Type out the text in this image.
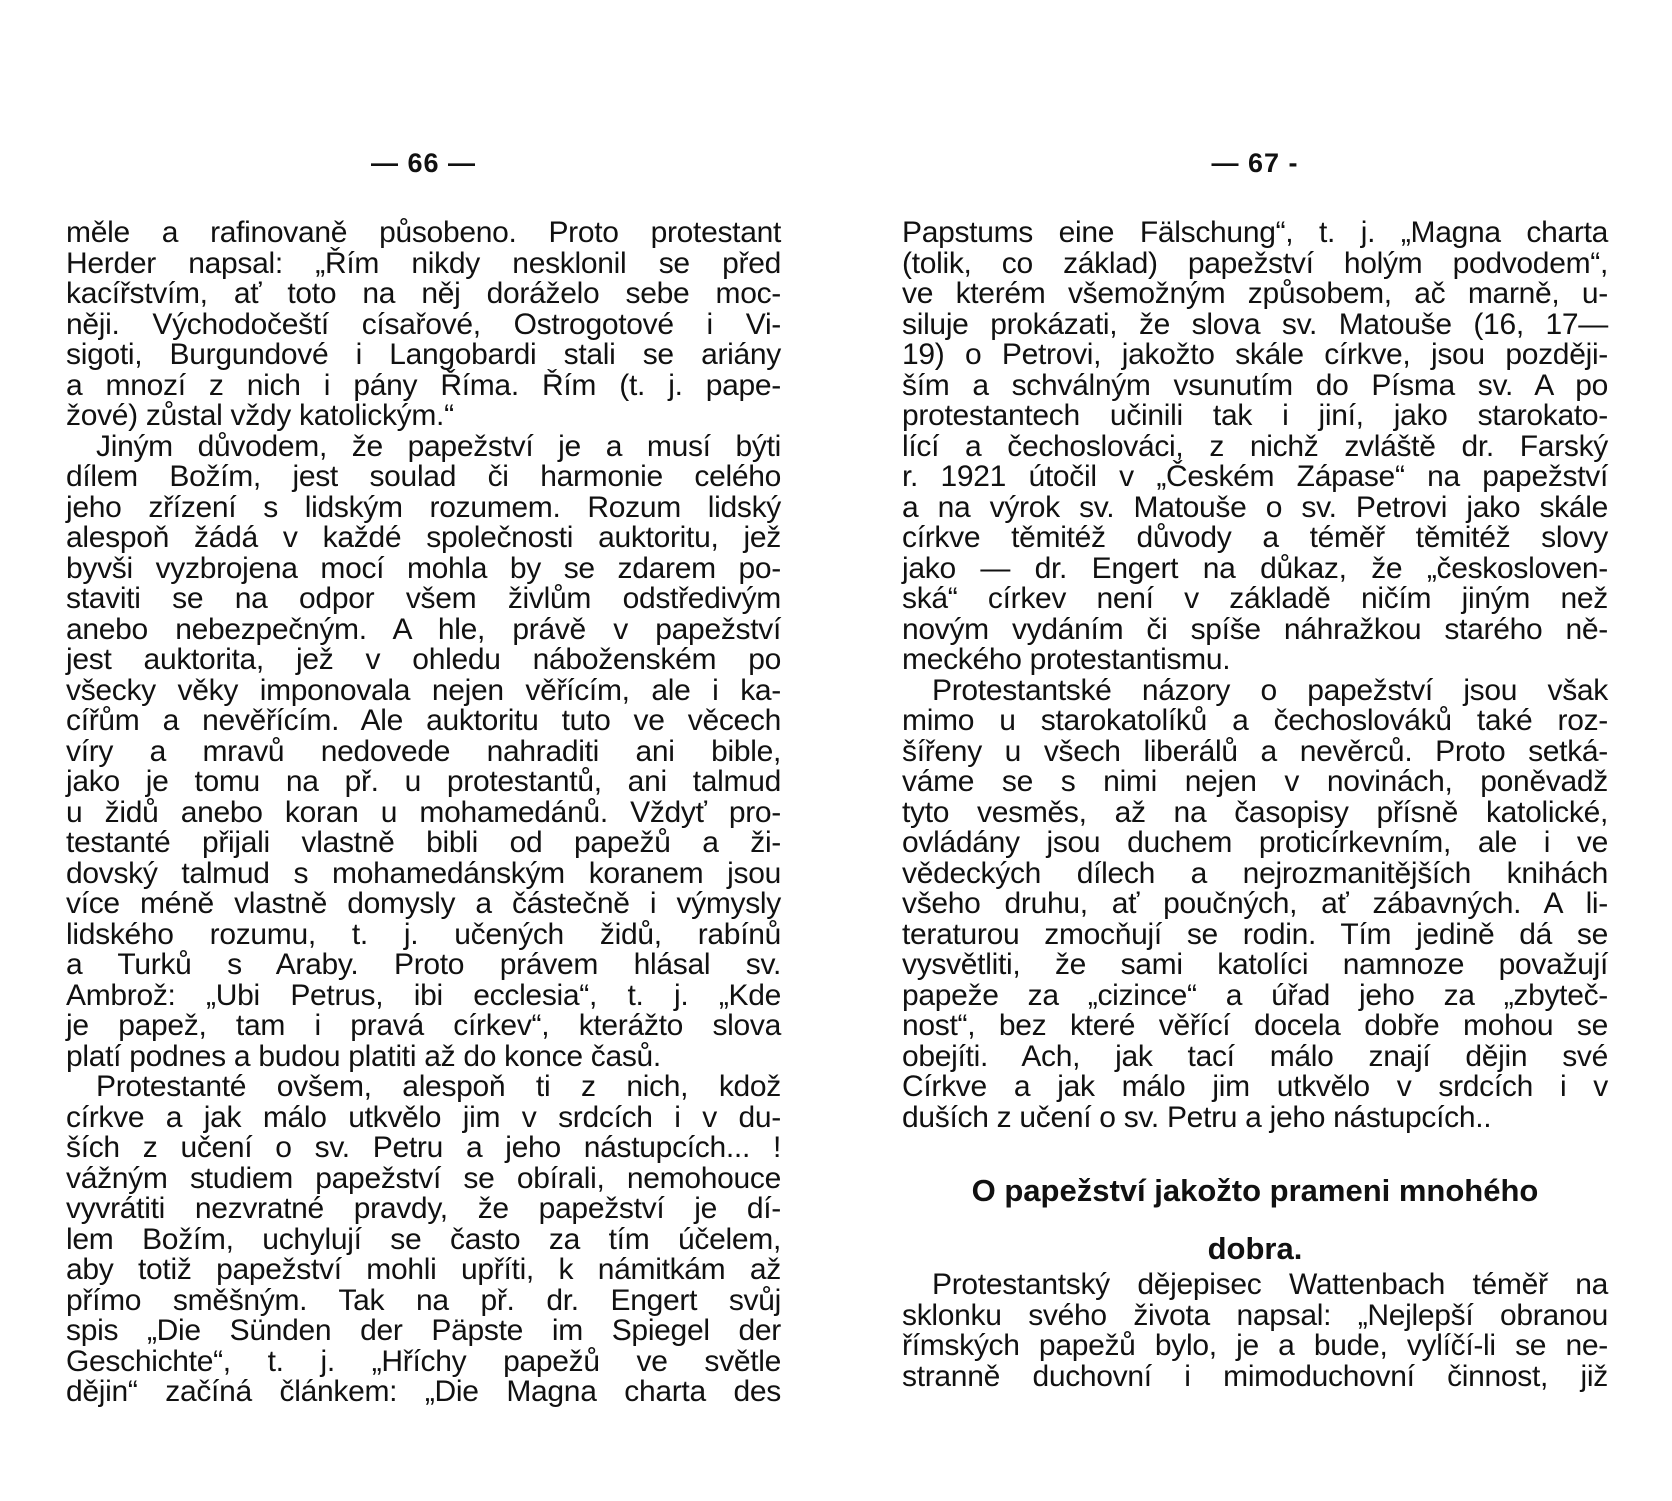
— 66 —
měle a rafinovaně působeno. Proto protestant
Herder napsal: „Řím nikdy nesklonil se před
kacířstvím, ať toto na něj doráželo sebe moc-
něji. Východočeští císařové, Ostrogotové i Vi-
sigoti, Burgundové i Langobardi stali se ariány
a mnozí z nich i pány Říma. Řím (t. j. pape-
žové) zůstal vždy katolickým.“
Jiným důvodem, že papežství je a musí býti
dílem Božím, jest soulad či harmonie celého
jeho zřízení s lidským rozumem. Rozum lidský
alespoň žádá v každé společnosti auktoritu, jež
byvši vyzbrojena mocí mohla by se zdarem po-
staviti se na odpor všem živlům odstředivým
anebo nebezpečným. A hle, právě v papežství
jest auktorita, jež v ohledu náboženském po
všecky věky imponovala nejen věřícím, ale i ka-
cířům a nevěřícím. Ale auktoritu tuto ve věcech
víry a mravů nedovede nahraditi ani bible,
jako je tomu na př. u protestantů, ani talmud
u židů anebo koran u mohamedánů. Vždyť pro-
testanté přijali vlastně bibli od papežů a ži-
dovský talmud s mohamedánským koranem jsou
více méně vlastně domysly a částečně i výmysly
lidského rozumu, t. j. učených židů, rabínů
a Turků s Araby. Proto právem hlásal sv.
Ambrož: „Ubi Petrus, ibi ecclesia“, t. j. „Kde
je papež, tam i pravá církev“, kterážto slova
platí podnes a budou platiti až do konce časů.
Protestanté ovšem, alespoň ti z nich, kdož
církve a jak málo utkvělo jim v srdcích i v du-
ších z učení o sv. Petru a jeho nástupcích... !
vážným studiem papežství se obírali, nemohouce
vyvrátiti nezvratné pravdy, že papežství je dí-
lem Božím, uchylují se často za tím účelem,
aby totiž papežství mohli upříti, k námitkám až
přímo směšným. Tak na př. dr. Engert svůj
spis „Die Sünden der Päpste im Spiegel der
Geschichte“, t. j. „Hříchy papežů ve světle
dějin“ začíná článkem: „Die Magna charta des
— 67 -
Papstums eine Fälschung“, t. j. „Magna charta
(tolik, co základ) papežství holým podvodem“,
ve kterém všemožným způsobem, ač marně, u-
siluje prokázati, že slova sv. Matouše (16, 17—
19) o Petrovi, jakožto skále církve, jsou později-
ším a schválným vsunutím do Písma sv. A po
protestantech učinili tak i jiní, jako starokato-
lící a čechoslováci, z nichž zvláště dr. Farský
r. 1921 útočil v „Českém Zápase“ na papežství
a na výrok sv. Matouše o sv. Petrovi jako skále
církve těmitéž důvody a téměř těmitéž slovy
jako — dr. Engert na důkaz, že „českosloven-
ská“ církev není v základě ničím jiným než
novým vydáním či spíše náhražkou starého ně-
meckého protestantismu.
Protestantské názory o papežství jsou však
mimo u starokatolíků a čechoslováků také roz-
šířeny u všech liberálů a nevěrců. Proto setká-
váme se s nimi nejen v novinách, poněvadž
tyto vesměs, až na časopisy přísně katolické,
ovládány jsou duchem proticírkevním, ale i ve
vědeckých dílech a nejrozmanitějších knihách
všeho druhu, ať poučných, ať zábavných. A li-
teraturou zmocňují se rodin. Tím jedině dá se
vysvětliti, že sami katolíci namnoze považují
papeže za „cizince“ a úřad jeho za „zbyteč-
nost“, bez které věřící docela dobře mohou se
obejíti. Ach, jak tací málo znají dějin své
Církve a jak málo jim utkvělo v srdcích i v
duších z učení o sv. Petru a jeho nástupcích..
O papežství jakožto prameni mnohého
dobra.
Protestantský dějepisec Wattenbach téměř na
sklonku svého života napsal: „Nejlepší obranou
římských papežů bylo, je a bude, vylíčí-li se ne-
stranně duchovní i mimoduchovní činnost, již
